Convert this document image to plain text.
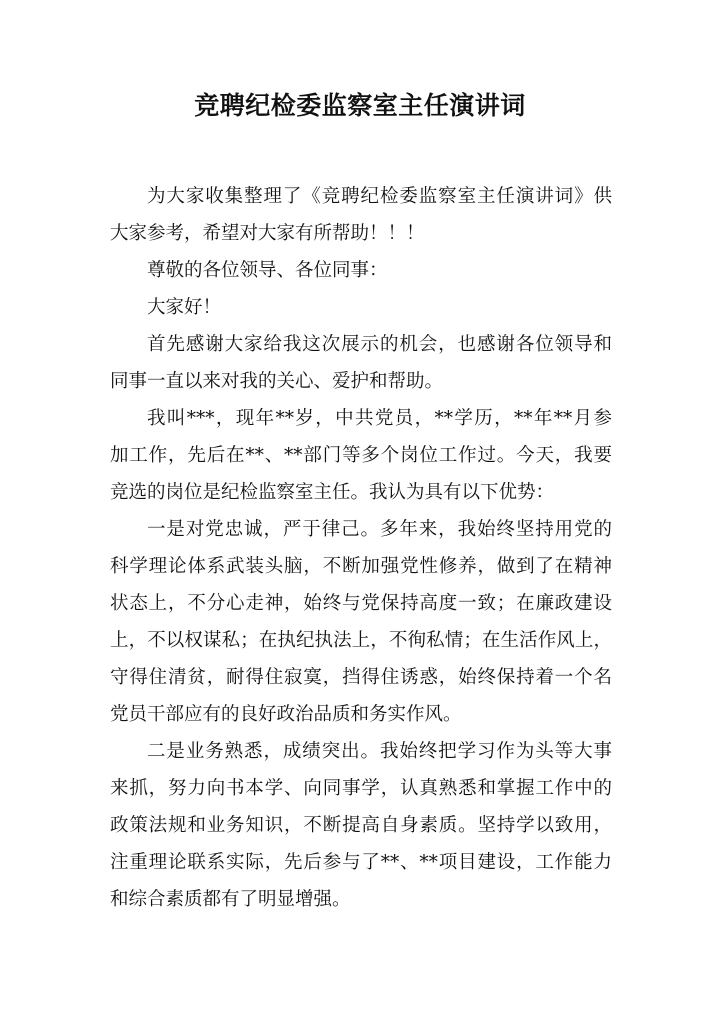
竞聘纪检委监察室主任演讲词
为大家收集整理了《竞聘纪检委监察室主任演讲词》供
大家参考，希望对大家有所帮助！！！
尊敬的各位领导、各位同事：
大家好！
首先感谢大家给我这次展示的机会，也感谢各位领导和
同事一直以来对我的关心、爱护和帮助。
我叫***，现年**岁，中共党员，**学历，**年**月参
加工作，先后在**、**部门等多个岗位工作过。今天，我要
竞选的岗位是纪检监察室主任。我认为具有以下优势：
一是对党忠诚，严于律己。多年来，我始终坚持用党的
科学理论体系武装头脑，不断加强党性修养，做到了在精神
状态上，不分心走神，始终与党保持高度一致；在廉政建设
上，不以权谋私；在执纪执法上，不徇私情；在生活作风上，
守得住清贫，耐得住寂寞，挡得住诱惑，始终保持着一个名
党员干部应有的良好政治品质和务实作风。
二是业务熟悉，成绩突出。我始终把学习作为头等大事
来抓，努力向书本学、向同事学，认真熟悉和掌握工作中的
政策法规和业务知识，不断提高自身素质。坚持学以致用，
注重理论联系实际，先后参与了**、**项目建设，工作能力
和综合素质都有了明显增强。
